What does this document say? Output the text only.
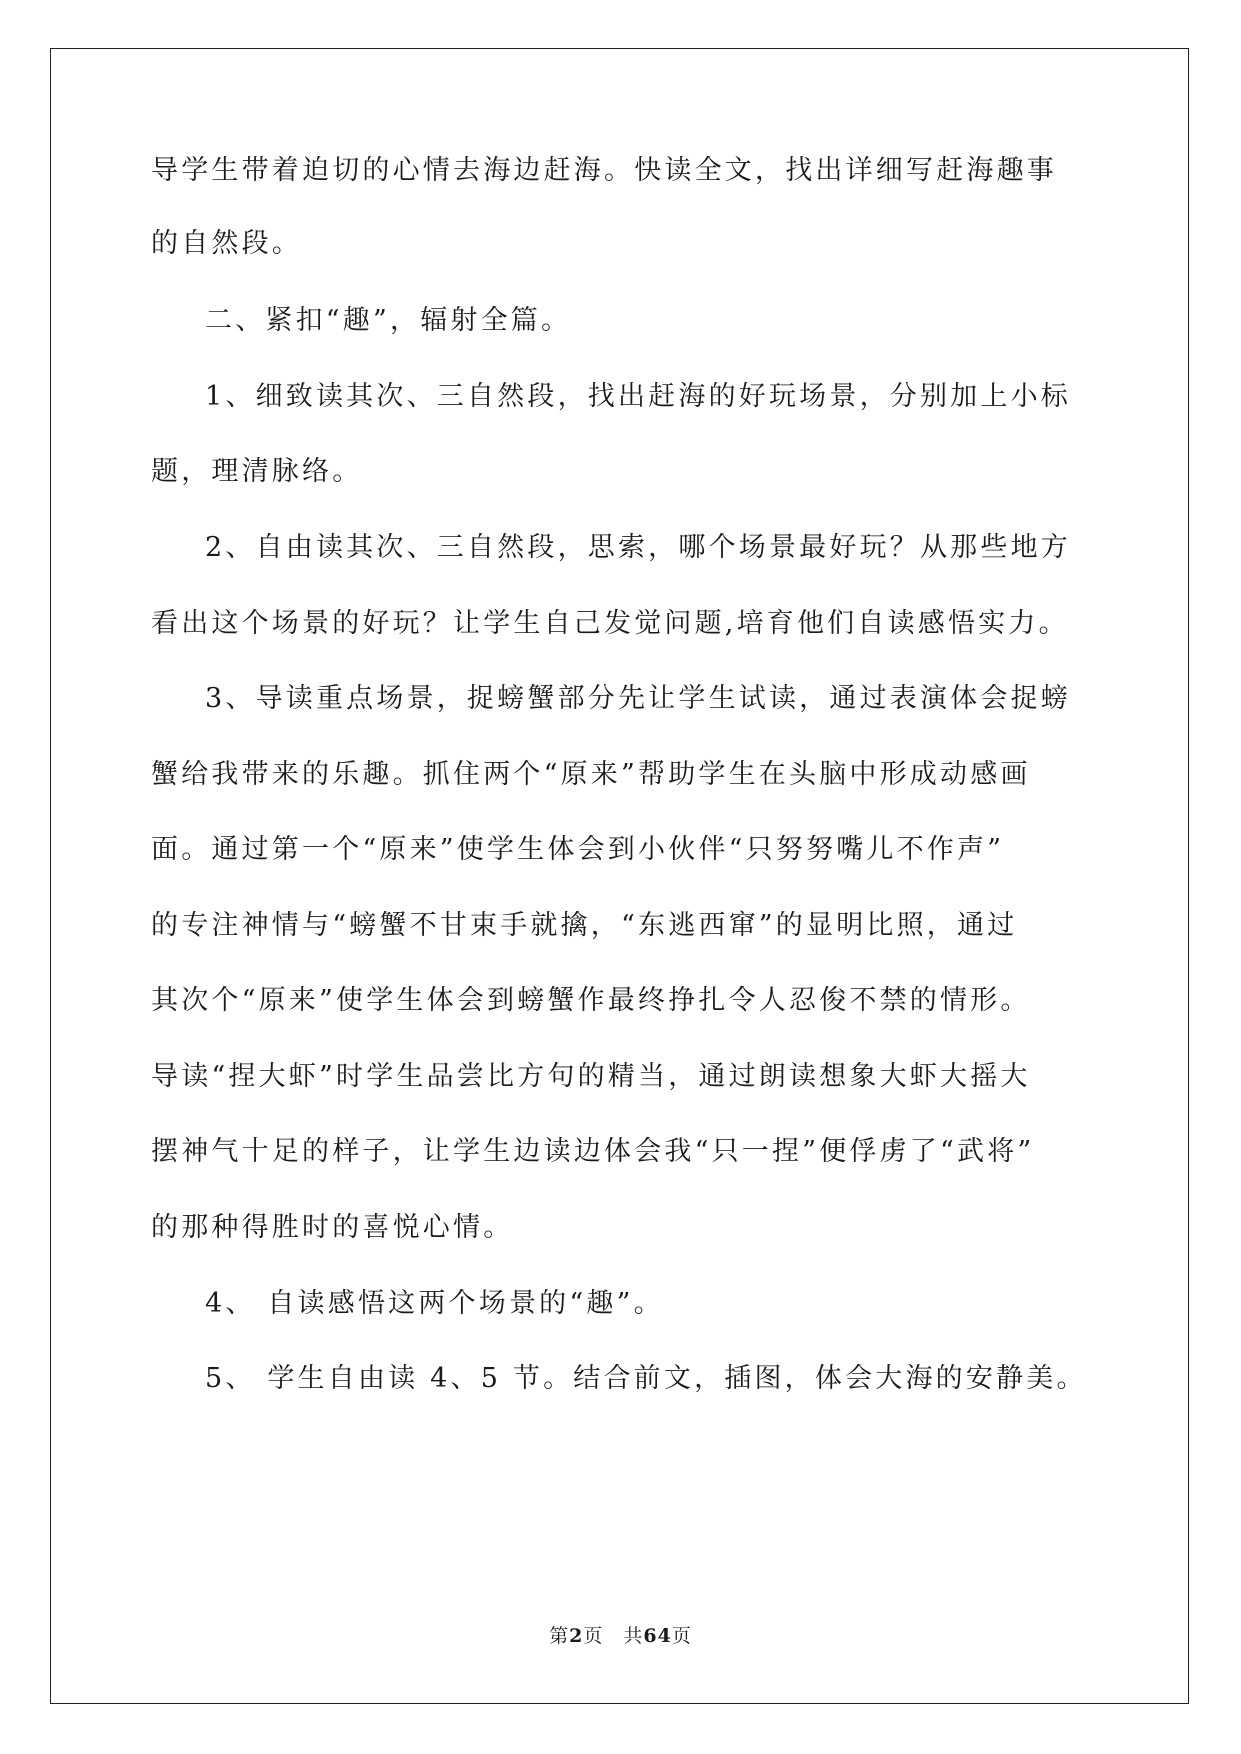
导学生带着迫切的心情去海边赶海。快读全文，找出详细写赶海趣事
的自然段。
二、紧扣“趣”，辐射全篇。
1、细致读其次、三自然段，找出赶海的好玩场景，分别加上小标
题，理清脉络。
2、自由读其次、三自然段，思索，哪个场景最好玩？从那些地方
看出这个场景的好玩？让学生自己发觉问题,培育他们自读感悟实力。
3、导读重点场景，捉螃蟹部分先让学生试读，通过表演体会捉螃
蟹给我带来的乐趣。抓住两个“原来”帮助学生在头脑中形成动感画
面。通过第一个“原来”使学生体会到小伙伴“只努努嘴儿不作声”
的专注神情与“螃蟹不甘束手就擒，“东逃西窜”的显明比照，通过
其次个“原来”使学生体会到螃蟹作最终挣扎令人忍俊不禁的情形。
导读“捏大虾”时学生品尝比方句的精当，通过朗读想象大虾大摇大
摆神气十足的样子，让学生边读边体会我“只一捏”便俘虏了“武将”
的那种得胜时的喜悦心情。
4、 自读感悟这两个场景的“趣”。
5、 学生自由读 4、5 节。结合前文，插图，体会大海的安静美。
第2页　共64页
